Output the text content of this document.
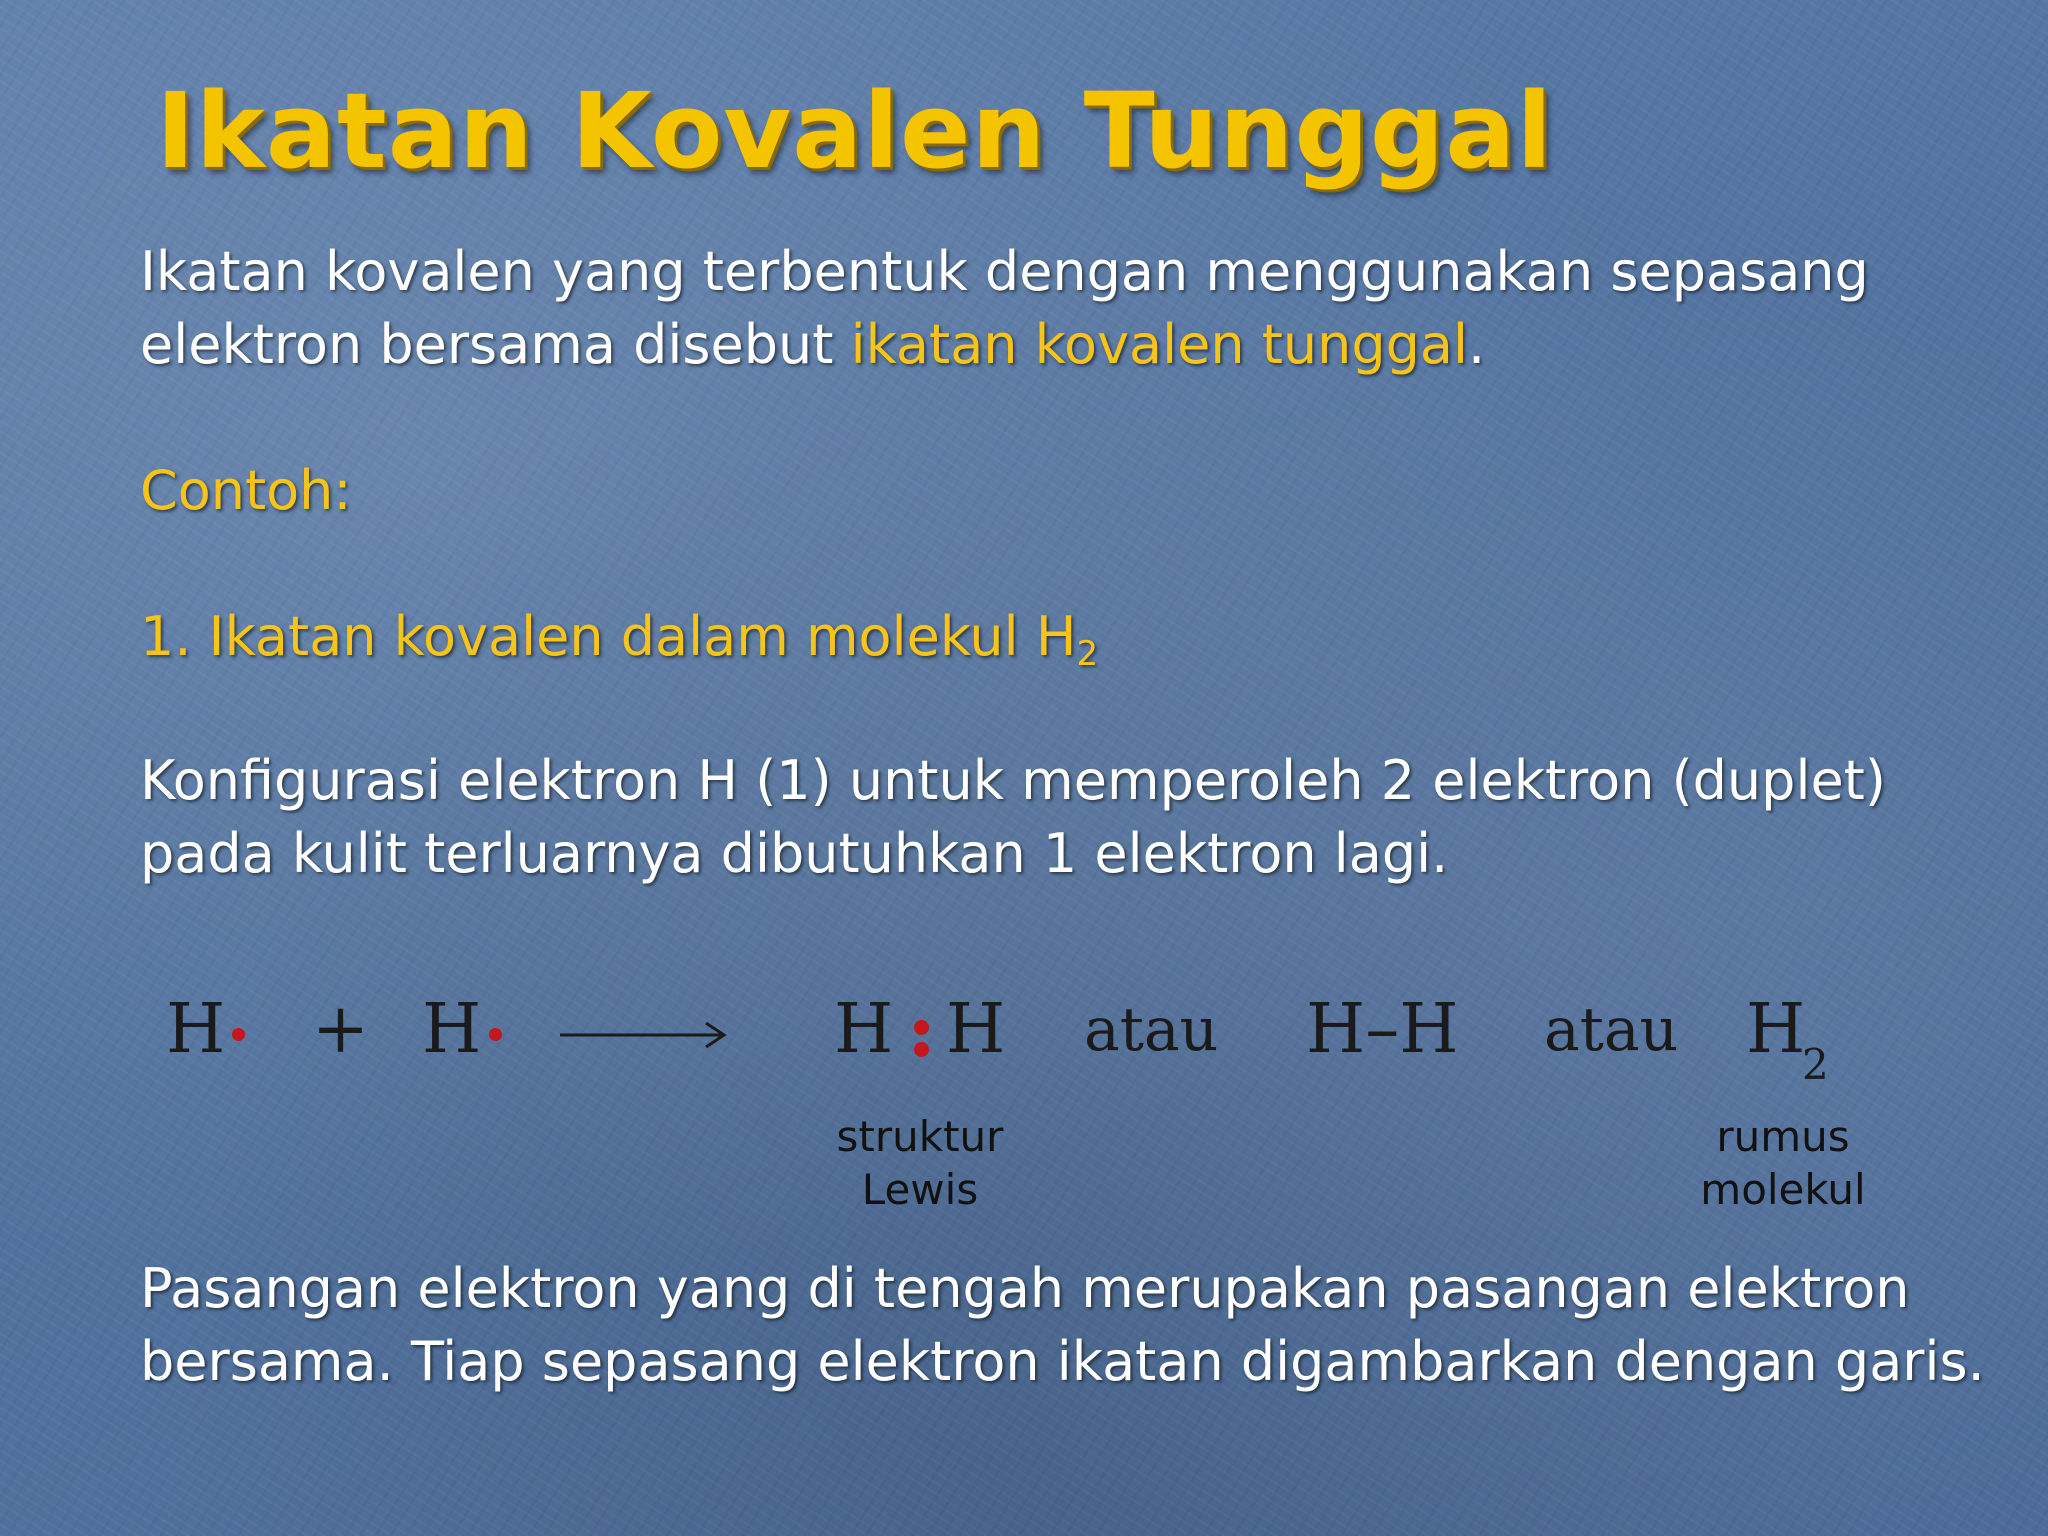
Ikatan Kovalen Tunggal

Ikatan kovalen yang terbentuk dengan menggunakan sepasang
elektron bersama disebut ikatan kovalen tunggal.

Contoh:

1. Ikatan kovalen dalam molekul $H_2$

Konfigurasi elektron H (1) untuk memperoleh 2 elektron (duplet)
pada kulit terluarnya dibutuhkan 1 elektron lagi.

H + H	H H atau H–H atau H
2
struktur
Lewis
rumus
molekul

Pasangan elektron yang di tengah merupakan pasangan elektron
bersama. Tiap sepasang elektron ikatan digambarkan dengan garis.
